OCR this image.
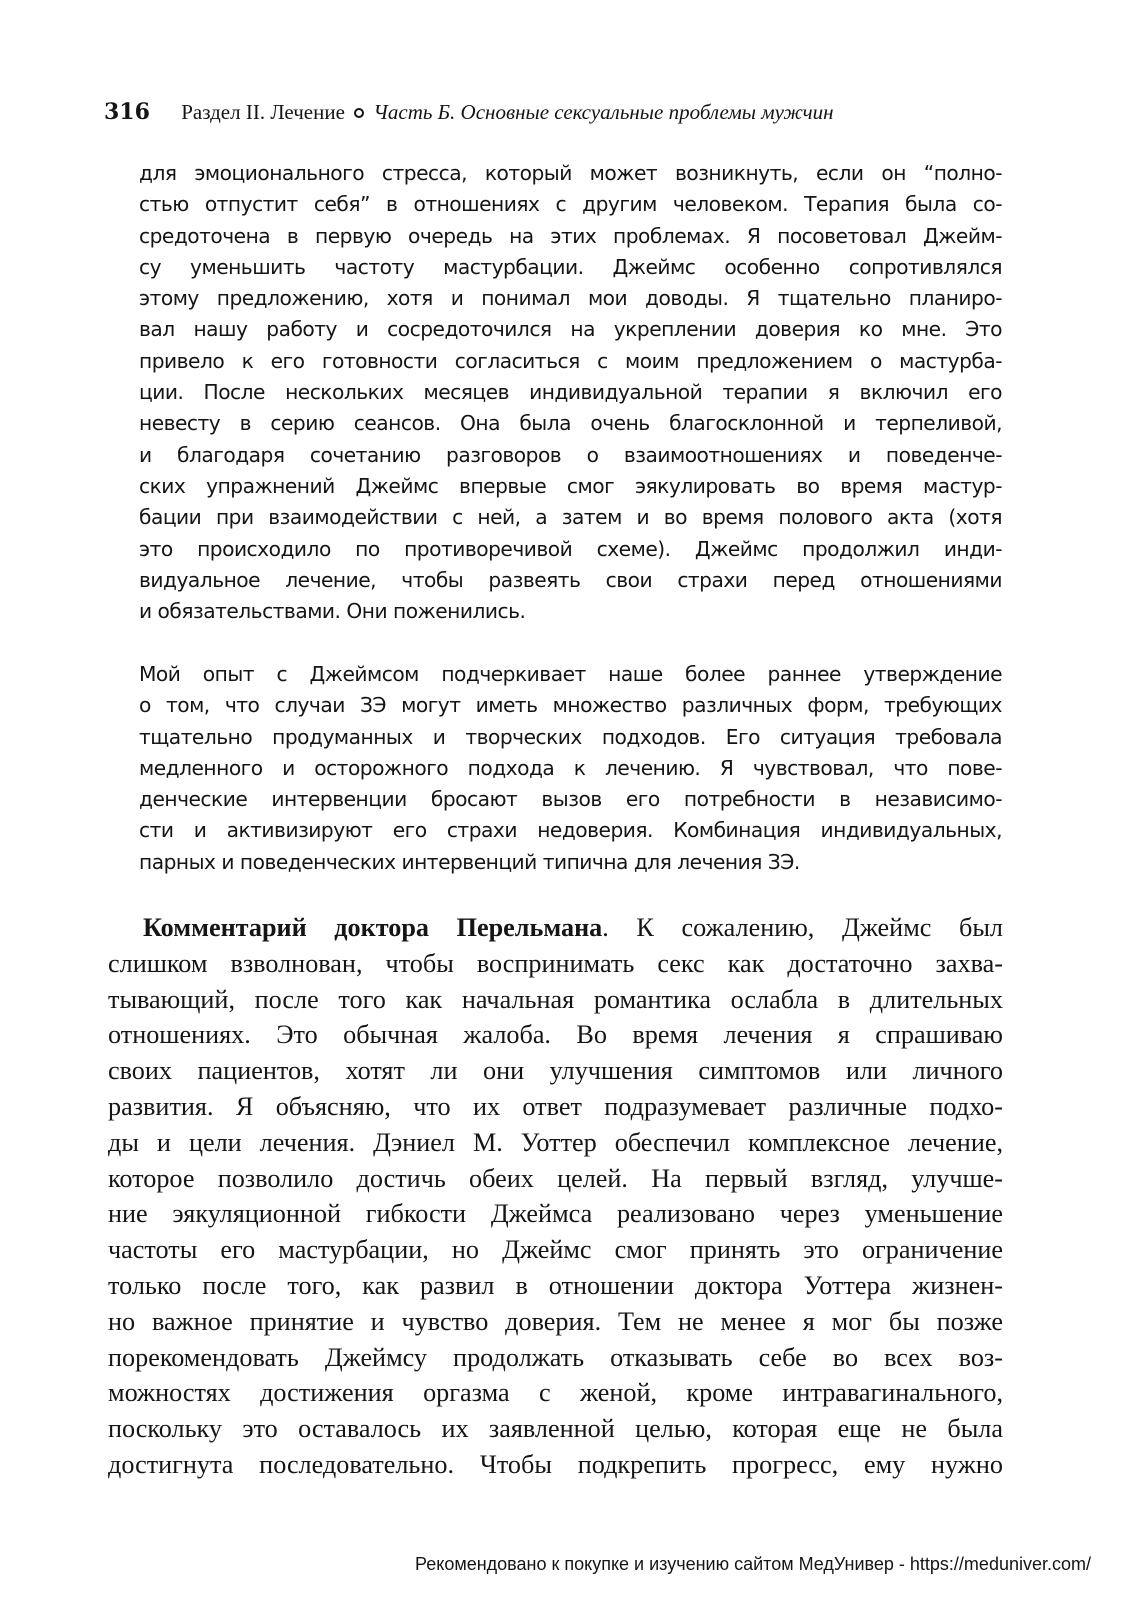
316 Раздел II. Лечение Часть Б. Основные сексуальные проблемы мужчин
для эмоционального стресса, который может возникнуть, если он “полно-
стью отпустит себя” в отношениях с другим человеком. Терапия была со-
средоточена в первую очередь на этих проблемах. Я посоветовал Джейм-
су уменьшить частоту мастурбации. Джеймс особенно сопротивлялся
этому предложению, хотя и понимал мои доводы. Я тщательно планиро-
вал нашу работу и сосредоточился на укреплении доверия ко мне. Это
привело к его готовности согласиться с моим предложением о мастурба-
ции. После нескольких месяцев индивидуальной терапии я включил его
невесту в серию сеансов. Она была очень благосклонной и терпеливой,
и благодаря сочетанию разговоров о взаимоотношениях и поведенче-
ских упражнений Джеймс впервые смог эякулировать во время мастур-
бации при взаимодействии с ней, а затем и во время полового акта (хотя
это происходило по противоречивой схеме). Джеймс продолжил инди-
видуальное лечение, чтобы развеять свои страхи перед отношениями
и обязательствами. Они поженились.
Мой опыт с Джеймсом подчеркивает наше более раннее утверждение
о том, что случаи ЗЭ могут иметь множество различных форм, требующих
тщательно продуманных и творческих подходов. Его ситуация требовала
медленного и осторожного подхода к лечению. Я чувствовал, что пове-
денческие интервенции бросают вызов его потребности в независимо-
сти и активизируют его страхи недоверия. Комбинация индивидуальных,
парных и поведенческих интервенций типична для лечения ЗЭ.
Комментарий доктора Перельмана. К сожалению, Джеймс был
слишком взволнован, чтобы воспринимать секс как достаточно захва-
тывающий, после того как начальная романтика ослабла в длительных
отношениях. Это обычная жалоба. Во время лечения я спрашиваю
своих пациентов, хотят ли они улучшения симптомов или личного
развития. Я объясняю, что их ответ подразумевает различные подхо-
ды и цели лечения. Дэниел М. Уоттер обеспечил комплексное лечение,
которое позволило достичь обеих целей. На первый взгляд, улучше-
ние эякуляционной гибкости Джеймса реализовано через уменьшение
частоты его мастурбации, но Джеймс смог принять это ограничение
только после того, как развил в отношении доктора Уоттера жизнен-
но важное принятие и чувство доверия. Тем не менее я мог бы позже
порекомендовать Джеймсу продолжать отказывать себе во всех воз-
можностях достижения оргазма с женой, кроме интравагинального,
поскольку это оставалось их заявленной целью, которая еще не была
достигнута последовательно. Чтобы подкрепить прогресс, ему нужно
Рекомендовано к покупке и изучению сайтом МедУнивер - https://meduniver.com/
